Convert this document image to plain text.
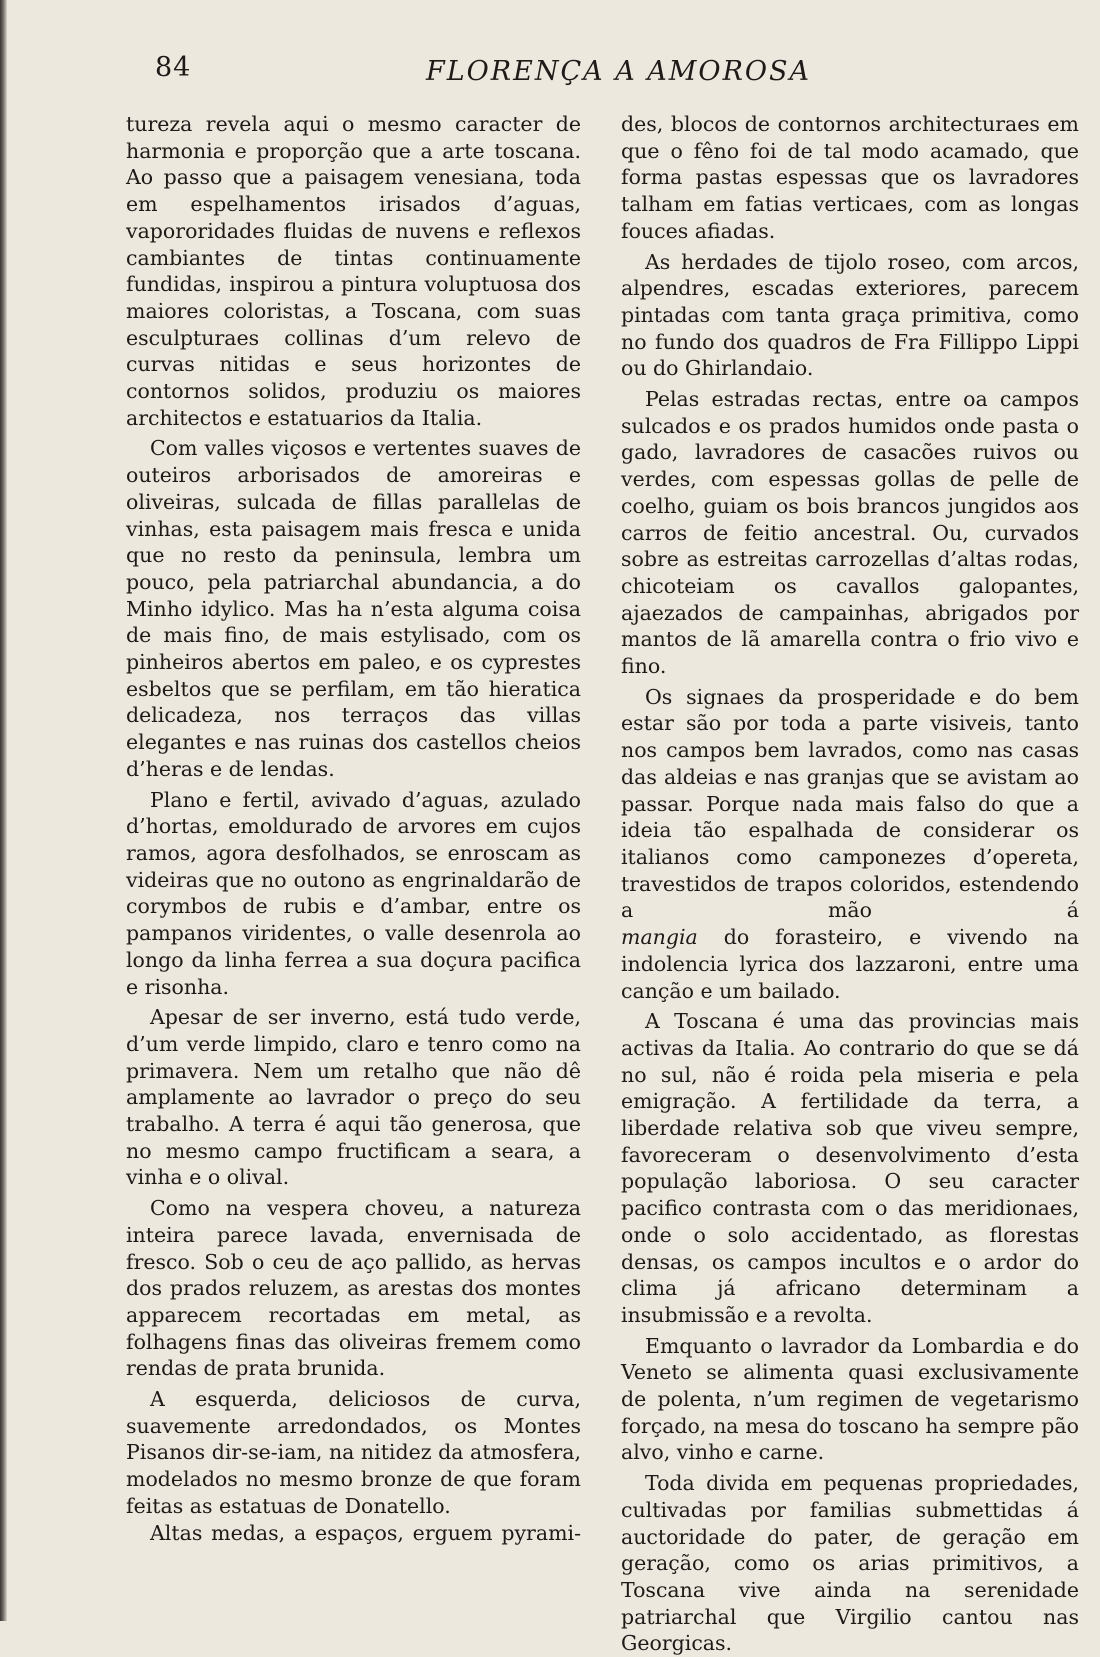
84	FLORENÇA A AMOROSA

tureza revela aqui o mesmo caracter de harmonia e proporção que a arte toscana. Ao passo que a paisagem venesiana, toda em espelhamentos irisados d’aguas, vapororidades fluidas de nuvens e reflexos cambiantes de tintas continuamente fundidas, inspirou a pintura voluptuosa dos maiores coloristas, a Toscana, com suas esculpturaes collinas d’um relevo de curvas nitidas e seus horizontes de contornos solidos, produziu os maiores architectos e estatuarios da Italia.

Com valles viçosos e vertentes suaves de outeiros arborisados de amoreiras e oliveiras, sulcada de fillas parallelas de vinhas, esta paisagem mais fresca e unida que no resto da peninsula, lembra um pouco, pela patriarchal abundancia, a do Minho idylico. Mas ha n’esta alguma coisa de mais fino, de mais estylisado, com os pinheiros abertos em paleo, e os cyprestes esbeltos que se perfilam, em tão hieratica delicadeza, nos terraços das villas elegantes e nas ruinas dos castellos cheios d’heras e de lendas.

Plano e fertil, avivado d’aguas, azulado d’hortas, emoldurado de arvores em cujos ramos, agora desfolhados, se enroscam as videiras que no outono as engrinaldarão de corymbos de rubis e d’ambar, entre os pampanos viridentes, o valle desenrola ao longo da linha ferrea a sua doçura pacifica e risonha.

Apesar de ser inverno, está tudo verde, d’um verde limpido, claro e tenro como na primavera. Nem um retalho que não dê amplamente ao lavrador o preço do seu trabalho. A terra é aqui tão generosa, que no mesmo campo fructificam a seara, a vinha e o olival.

Como na vespera choveu, a natureza inteira parece lavada, envernisada de fresco. Sob o ceu de aço pallido, as hervas dos prados reluzem, as arestas dos montes apparecem recortadas em metal, as folhagens finas das oliveiras fremem como rendas de prata brunida.

A esquerda, deliciosos de curva, suavemente arredondados, os Montes Pisanos dir-se-iam, na nitidez da atmosfera, modelados no mesmo bronze de que foram feitas as estatuas de Donatello.

Altas medas, a espaços, erguem pyrami-

des, blocos de contornos architecturaes em que o fêno foi de tal modo acamado, que forma pastas espessas que os lavradores talham em fatias verticaes, com as longas fouces afiadas.

As herdades de tijolo roseo, com arcos, alpendres, escadas exteriores, parecem pintadas com tanta graça primitiva, como no fundo dos quadros de Fra Fillippo Lippi ou do Ghirlandaio.

Pelas estradas rectas, entre oa campos sulcados e os prados humidos onde pasta o gado, lavradores de casacões ruivos ou verdes, com espessas gollas de pelle de coelho, guiam os bois brancos jungidos aos carros de feitio ancestral. Ou, curvados sobre as estreitas carrozellas d’altas rodas, chicoteiam os cavallos galopantes, ajaezados de campainhas, abrigados por mantos de lã amarella contra o frio vivo e fino.

Os signaes da prosperidade e do bem estar são por toda a parte visiveis, tanto nos campos bem lavrados, como nas casas das aldeias e nas granjas que se avistam ao passar. Porque nada mais falso do que a ideia tão espalhada de considerar os italianos como camponezes d’opereta, travestidos de trapos coloridos, estendendo a mão á

mangia do forasteiro, e vivendo na indolencia lyrica dos lazzaroni, entre uma canção e um bailado.

A Toscana é uma das provincias mais activas da Italia. Ao contrario do que se dá no sul, não é roida pela miseria e pela emigração. A fertilidade da terra, a liberdade relativa sob que viveu sempre, favoreceram o desenvolvimento d’esta população laboriosa. O seu caracter pacifico contrasta com o das meridionaes, onde o solo accidentado, as florestas densas, os campos incultos e o ardor do clima já africano determinam a insubmissão e a revolta.

Emquanto o lavrador da Lombardia e do Veneto se alimenta quasi exclusivamente de polenta, n’um regimen de vegetarismo forçado, na mesa do toscano ha sempre pão alvo, vinho e carne.

Toda divida em pequenas propriedades, cultivadas por familias submettidas á auctoridade do pater, de geração em geração, como os arias primitivos, a Toscana vive ainda na serenidade patriarchal que Virgilio cantou nas Georgicas.
